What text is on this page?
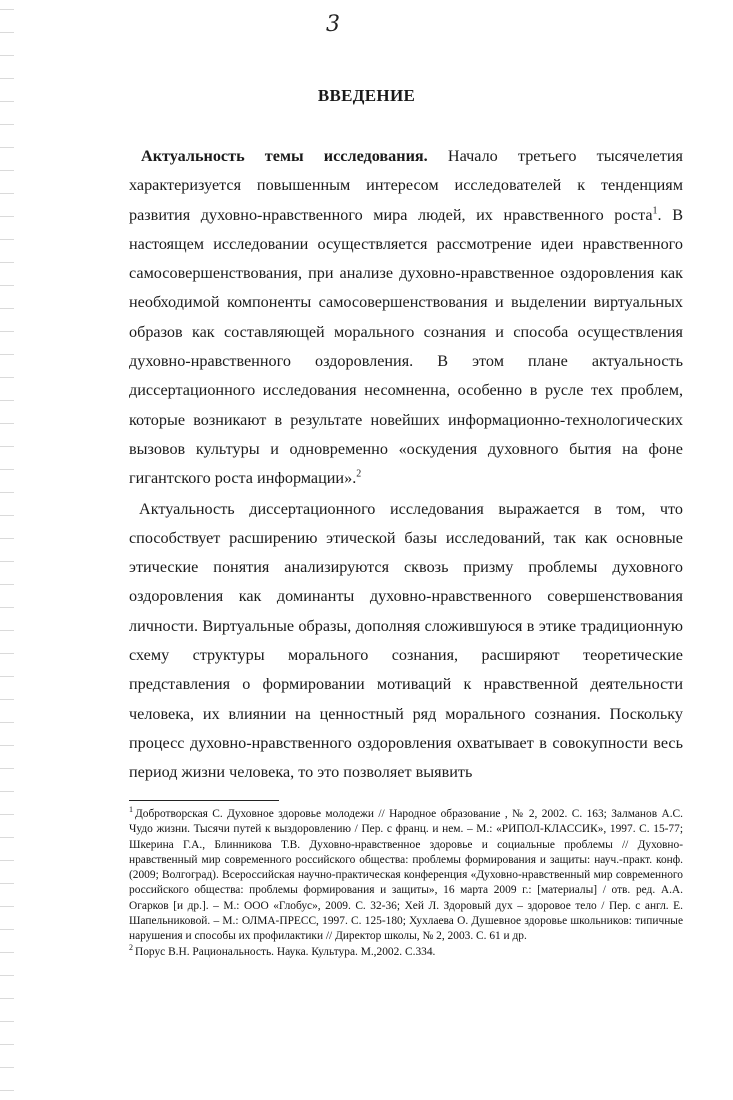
3
ВВЕДЕНИЕ

Актуальность темы исследования. Начало третьего тысячелетия характеризуется повышенным интересом исследователей к тенденциям развития духовно-нравственного мира людей, их нравственного роста$^1$. В настоящем исследовании осуществляется рассмотрение идеи нравственного самосовершенствования, при анализе духовно-нравственное оздоровления как необходимой компоненты самосовершенствования и выделении виртуальных образов как составляющей морального сознания и способа осуществления духовно-нравственного оздоровления. В этом плане актуальность диссертационного исследования несомненна, особенно в русле тех проблем, которые возникают в результате новейших информационно-технологических вызовов культуры и одновременно «оскудения духовного бытия на фоне гигантского роста информации».$^2$

Актуальность диссертационного исследования выражается в том, что способствует расширению этической базы исследований, так как основные этические понятия анализируются сквозь призму проблемы духовного оздоровления как доминанты духовно-нравственного совершенствования личности. Виртуальные образы, дополняя сложившуюся в этике традиционную схему структуры морального сознания, расширяют теоретические представления о формировании мотиваций к нравственной деятельности человека, их влиянии на ценностный ряд морального сознания. Поскольку процесс духовно-нравственного оздоровления охватывает в совокупности весь период жизни человека, то это позволяет выявить

$^1$ Добротворская С. Духовное здоровье молодежи // Народное образование , № 2, 2002. С. 163; Залманов А.С. Чудо жизни. Тысячи путей к выздоровлению / Пер. с франц. и нем. – М.: «РИПОЛ-КЛАССИК», 1997. С. 15-77; Шкерина Г.А., Блинникова Т.В. Духовно-нравственное здоровье и социальные проблемы // Духовно-нравственный мир современного российского общества: проблемы формирования и защиты: науч.-практ. конф. (2009; Волгоград). Всероссийская научно-практическая конференция «Духовно-нравственный мир современного российского общества: проблемы формирования и защиты», 16 марта 2009 г.: [материалы] / отв. ред. А.А. Огарков [и др.]. – М.: ООО «Глобус», 2009. С. 32-36; Хей Л. Здоровый дух – здоровое тело / Пер. с англ. Е. Шапельниковой. – М.: ОЛМА-ПРЕСС, 1997. С. 125-180; Хухлаева О. Душевное здоровье школьников: типичные нарушения и способы их профилактики // Директор школы, № 2, 2003. С. 61 и др.

$^2$ Порус В.Н. Рациональность. Наука. Культура. М.,2002. С.334.
